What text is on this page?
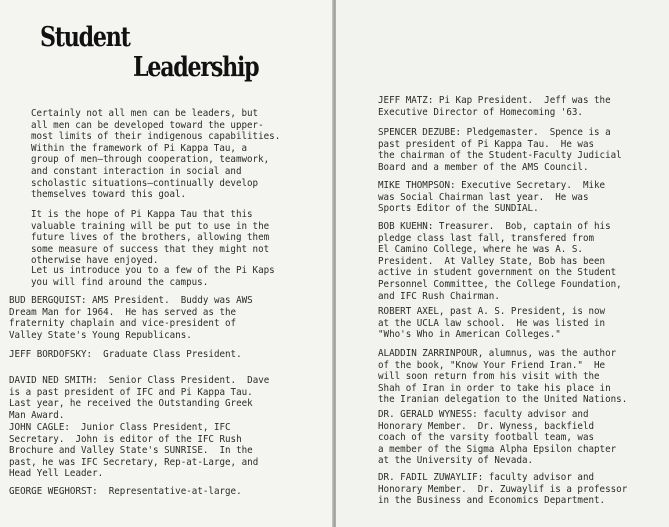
Student
Leadership

Certainly not all men can be leaders, but
all men can be developed toward the upper-
most limits of their indigenous capabilities.
Within the framework of Pi Kappa Tau, a
group of men—through cooperation, teamwork,
and constant interaction in social and
scholastic situations—continually develop
themselves toward this goal.

It is the hope of Pi Kappa Tau that this
valuable training will be put to use in the
future lives of the brothers, allowing them
some measure of success that they might not
otherwise have enjoyed.

Let us introduce you to a few of the Pi Kaps
you will find around the campus.

BUD BERGQUIST: AMS President.  Buddy was AWS
Dream Man for 1964.  He has served as the
fraternity chaplain and vice-president of
Valley State's Young Republicans.

JEFF BORDOFSKY:  Graduate Class President.

DAVID NED SMITH:  Senior Class President.  Dave
is a past president of IFC and Pi Kappa Tau.
Last year, he received the Outstanding Greek
Man Award.

JOHN CAGLE:  Junior Class President, IFC
Secretary.  John is editor of the IFC Rush
Brochure and Valley State's SUNRISE.  In the
past, he was IFC Secretary, Rep-at-Large, and
Head Yell Leader.

GEORGE WEGHORST:  Representative-at-large.

JEFF MATZ: Pi Kap President.  Jeff was the
Executive Director of Homecoming '63.

SPENCER DEZUBE: Pledgemaster.  Spence is a
past president of Pi Kappa Tau.  He was
the chairman of the Student-Faculty Judicial
Board and a member of the AMS Council.

MIKE THOMPSON: Executive Secretary.  Mike
was Social Chairman last year.  He was
Sports Editor of the SUNDIAL.

BOB KUEHN: Treasurer.  Bob, captain of his
pledge class last fall, transfered from
El Camino College, where he was A. S.
President.  At Valley State, Bob has been
active in student government on the Student
Personnel Committee, the College Foundation,
and IFC Rush Chairman.

ROBERT AXEL, past A. S. President, is now
at the UCLA law school.  He was listed in
"Who's Who in American Colleges."

ALADDIN ZARRINPOUR, alumnus, was the author
of the book, "Know Your Friend Iran."  He
will soon return from his visit with the
Shah of Iran in order to take his place in
the Iranian delegation to the United Nations.

DR. GERALD WYNESS: faculty advisor and
Honorary Member.  Dr. Wyness, backfield
coach of the varsity football team, was
a member of the Sigma Alpha Epsilon chapter
at the University of Nevada.

DR. FADIL ZUWAYLIF: faculty advisor and
Honorary Member.  Dr. Zuwaylif is a professor
in the Business and Economics Department.
